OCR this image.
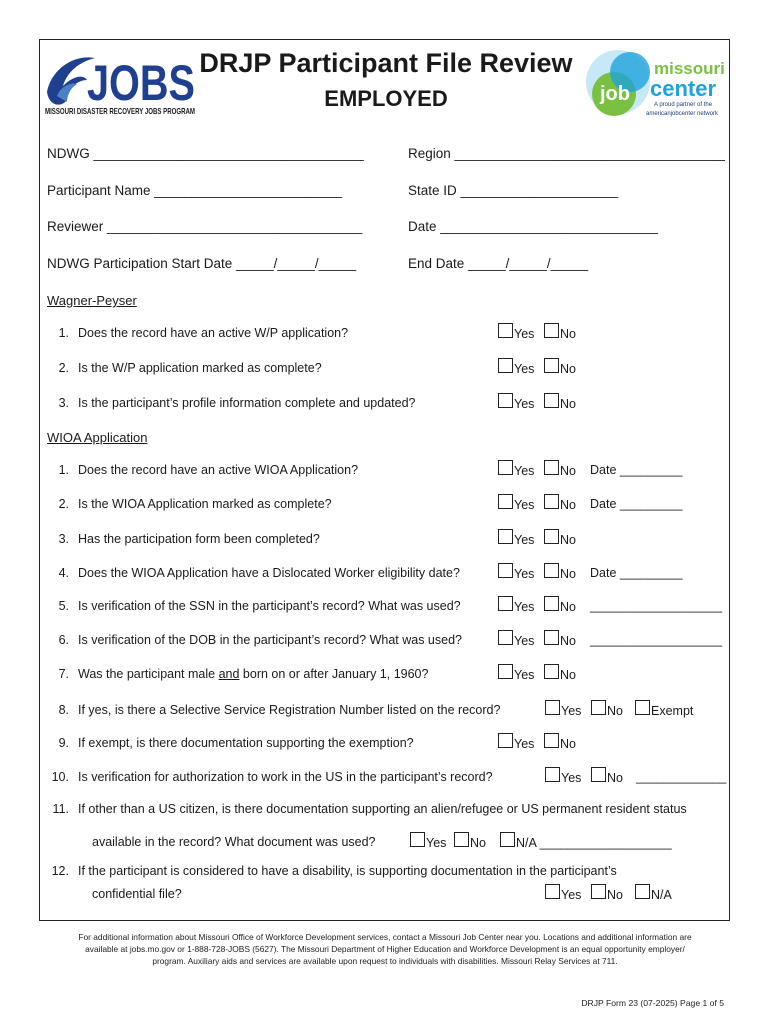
JOBS
MISSOURI DISASTER RECOVERY JOBS PROGRAM
DRJP Participant File Review
EMPLOYED	job
missouri
center
A proud partner of the
americanjobcenter network
NDWG ____________________________________	Region ____________________________________
Participant Name _________________________	State ID _____________________
Reviewer __________________________________	Date _____________________________
NDWG Participation Start Date _____/_____/_____	End Date _____/_____/_____
Wagner-Peyser
1. Does the record have an active W/P application?	Yes No
2. Is the W/P application marked as complete?	Yes No
3. Is the participant’s profile information complete and updated?	Yes No
WIOA Application
1. Does the record have an active WIOA Application?	Yes No Date _________
2. Is the WIOA Application marked as complete?	Yes No Date _________
3. Has the participation form been completed?	Yes No
4. Does the WIOA Application have a Dislocated Worker eligibility date?	Yes No Date _________
5. Is verification of the SSN in the participant’s record? What was used?	Yes No ___________________
6. Is verification of the DOB in the participant’s record? What was used?	Yes No ___________________
7. Was the participant male and born on or after January 1, 1960?	Yes No
8. If yes, is there a Selective Service Registration Number listed on the record?	Yes No Exempt
9. If exempt, is there documentation supporting the exemption?	Yes No
10. Is verification for authorization to work in the US in the participant’s record?	Yes No _____________
11. If other than a US citizen, is there documentation supporting an alien/refugee or US permanent resident status
available in the record? What document was used?	Yes No N/A ___________________
12. If the participant is considered to have a disability, is supporting documentation in the participant’s
confidential file?	Yes No N/A
For additional information about Missouri Office of Workforce Development services, contact a Missouri Job Center near you. Locations and additional information are
available at jobs.mo.gov or 1-888-728-JOBS (5627). The Missouri Department of Higher Education and Workforce Development is an equal opportunity employer/
program. Auxiliary aids and services are available upon request to individuals with disabilities. Missouri Relay Services at 711.
DRJP Form 23 (07-2025) Page 1 of 5
